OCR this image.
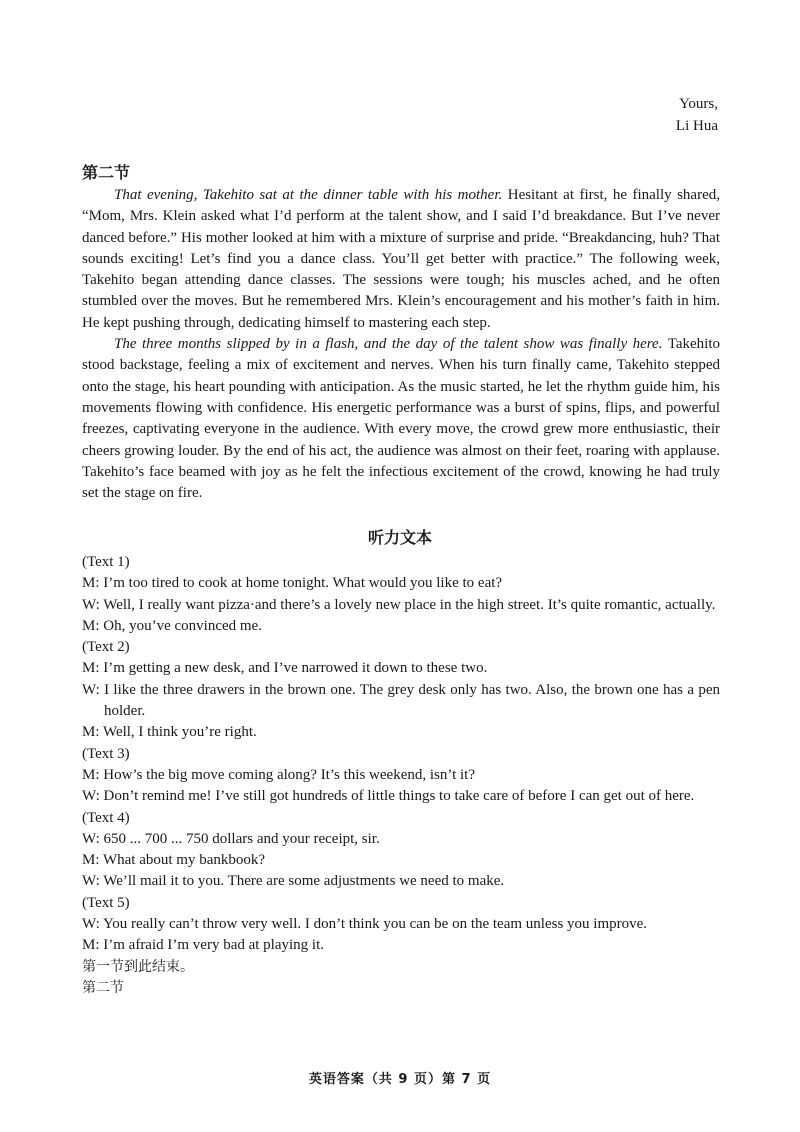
Yours,
Li Hua
第二节

That evening, Takehito sat at the dinner table with his mother. Hesitant at first, he finally shared, “Mom, Mrs. Klein asked what I’d perform at the talent show, and I said I’d breakdance. But I’ve never danced before.” His mother looked at him with a mixture of surprise and pride. “Breakdancing, huh? That sounds exciting! Let’s find you a dance class. You’ll get better with practice.” The following week, Takehito began attending dance classes. The sessions were tough; his muscles ached, and he often stumbled over the moves. But he remembered Mrs. Klein’s encouragement and his mother’s faith in him. He kept pushing through, dedicating himself to mastering each step.

The three months slipped by in a flash, and the day of the talent show was finally here. Takehito stood backstage, feeling a mix of excitement and nerves. When his turn finally came, Takehito stepped onto the stage, his heart pounding with anticipation. As the music started, he let the rhythm guide him, his movements flowing with confidence. His energetic performance was a burst of spins, flips, and powerful freezes, captivating everyone in the audience. With every move, the crowd grew more enthusiastic, their cheers growing louder. By the end of his act, the audience was almost on their feet, roaring with applause. Takehito’s face beamed with joy as he felt the infectious excitement of the crowd, knowing he had truly set the stage on fire.

听力文本
(Text 1)
M: I’m too tired to cook at home tonight. What would you like to eat?
W: Well, I really want pizza·and there’s a lovely new place in the high street. It’s quite romantic, actually.
M: Oh, you’ve convinced me.
(Text 2)
M: I’m getting a new desk, and I’ve narrowed it down to these two.
W: I like the three drawers in the brown one. The grey desk only has two. Also, the brown one has a pen holder.
M: Well, I think you’re right.
(Text 3)
M: How’s the big move coming along? It’s this weekend, isn’t it?
W: Don’t remind me! I’ve still got hundreds of little things to take care of before I can get out of here.
(Text 4)
W: 650 ... 700 ... 750 dollars and your receipt, sir.
M: What about my bankbook?
W: We’ll mail it to you. There are some adjustments we need to make.
(Text 5)
W: You really can’t throw very well. I don’t think you can be on the team unless you improve.
M: I’m afraid I’m very bad at playing it.
第一节到此结束。
第二节
英语答案（共 9 页）第 7 页
